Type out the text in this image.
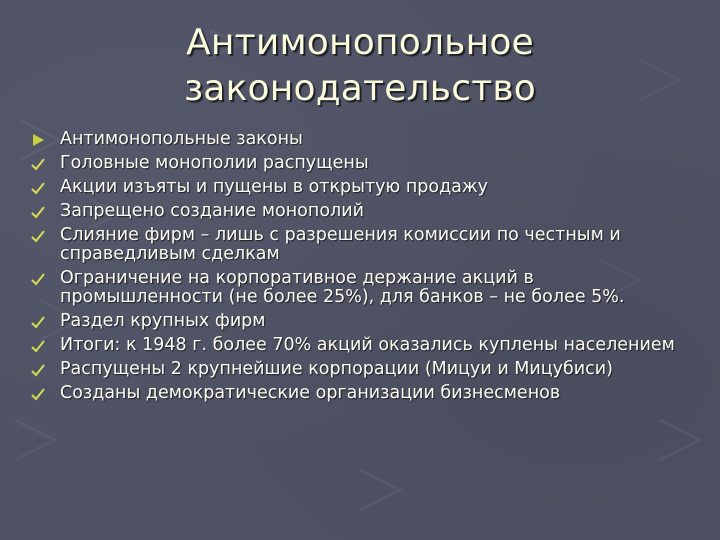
Антимонопольное
законодательство
Антимонопольные законы
Головные монополии распущены
Акции изъяты и пущены в открытую продажу
Запрещено создание монополий
Слияние фирм – лишь с разрешения комиссии по честным и справедливым сделкам
Ограничение на корпоративное держание акций в промышленности (не более 25%), для банков – не более 5%.
Раздел крупных фирм
Итоги: к 1948 г. более 70% акций оказались куплены населением
Распущены 2 крупнейшие корпорации (Мицуи и Мицубиси)
Созданы демократические организации бизнесменов
